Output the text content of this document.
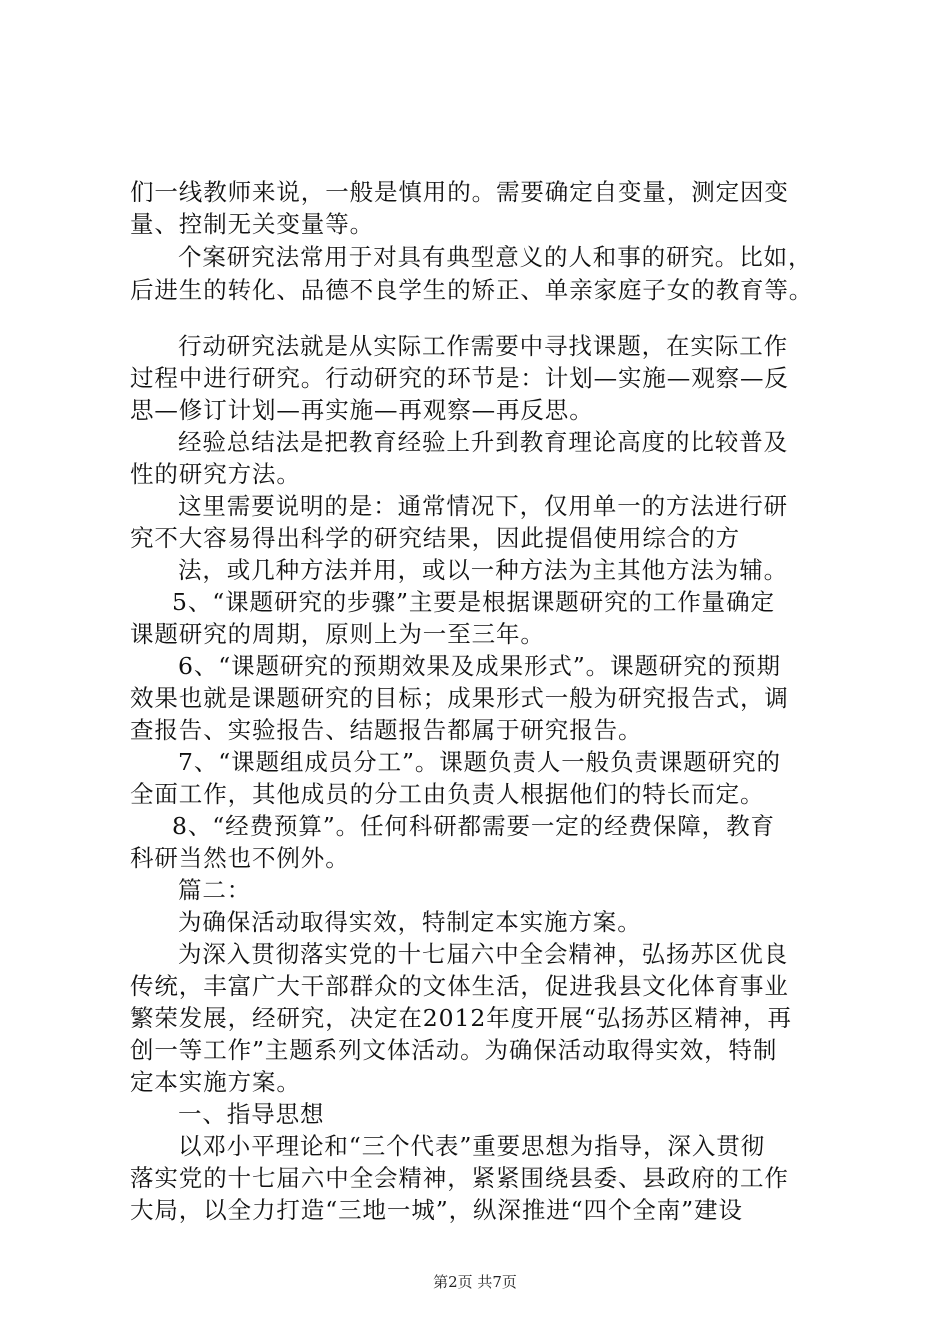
们一线教师来说，一般是慎用的。需要确定自变量，测定因变
量、控制无关变量等。
个案研究法常用于对具有典型意义的人和事的研究。比如，
后进生的转化、品德不良学生的矫正、单亲家庭子女的教育等。
行动研究法就是从实际工作需要中寻找课题，在实际工作
过程中进行研究。行动研究的环节是：计划—实施—观察—反
思—修订计划—再实施—再观察—再反思。
经验总结法是把教育经验上升到教育理论高度的比较普及
性的研究方法。
这里需要说明的是：通常情况下，仅用单一的方法进行研
究不大容易得出科学的研究结果，因此提倡使用综合的方
法，或几种方法并用，或以一种方法为主其他方法为辅。
5、“课题研究的步骤”主要是根据课题研究的工作量确定
课题研究的周期，原则上为一至三年。
6、“课题研究的预期效果及成果形式”。课题研究的预期
效果也就是课题研究的目标；成果形式一般为研究报告式，调
查报告、实验报告、结题报告都属于研究报告。
7、“课题组成员分工”。课题负责人一般负责课题研究的
全面工作，其他成员的分工由负责人根据他们的特长而定。
8、“经费预算”。任何科研都需要一定的经费保障，教育
科研当然也不例外。
篇二：
为确保活动取得实效，特制定本实施方案。
为深入贯彻落实党的十七届六中全会精神，弘扬苏区优良
传统，丰富广大干部群众的文体生活，促进我县文化体育事业
繁荣发展，经研究，决定在2012年度开展“弘扬苏区精神，再
创一等工作”主题系列文体活动。为确保活动取得实效，特制
定本实施方案。
一、指导思想
以邓小平理论和“三个代表”重要思想为指导，深入贯彻
落实党的十七届六中全会精神，紧紧围绕县委、县政府的工作
大局，以全力打造“三地一城”，纵深推进“四个全南”建设
第2页 共7页
